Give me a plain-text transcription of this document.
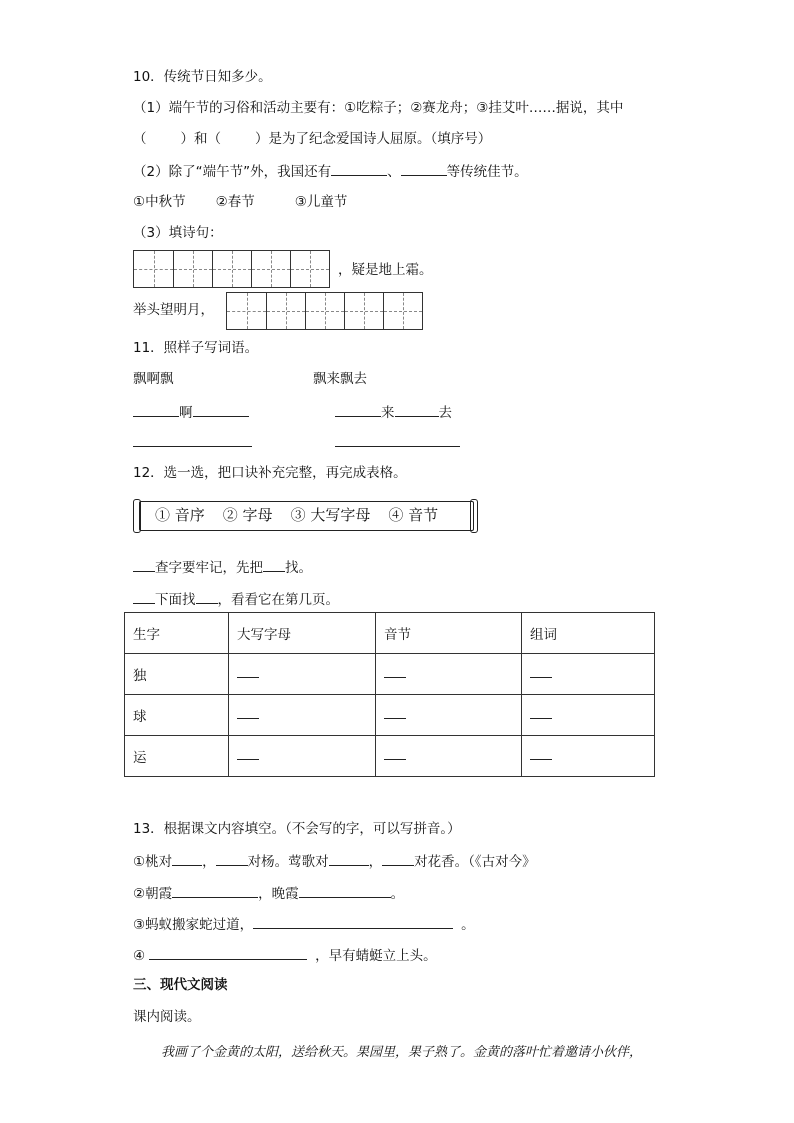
10．传统节日知多少。
（1）端午节的习俗和活动主要有：①吃粽子；②赛龙舟；③挂艾叶……据说，其中
（	）和（	）是为了纪念爱国诗人屈原。（填序号）
（2）除了“端午节”外，我国还有	、	等传统佳节。
①中秋节 ②春节	③儿童节
（3）填诗句：
，疑是地上霜。
举头望明月，
11．照样子写词语。
飘啊飘	飘来飘去
啊	来	去
12．选一选，把口诀补充完整，再完成表格。
① 音序 ② 字母 ③ 大写字母 ④ 音节
查字要牢记，先把 找。
下面找 ，看看它在第几页。
生字	大写字母	音节	组词
独			
球			
运			
13．根据课文内容填空。（不会写的字，可以写拼音。）
①桃对 ， 对杨。莺歌对	， 对花香。（《古对今》
②朝霞	，晚霞	。
③蚂蚁搬家蛇过道，	。
④	，早有蜻蜓立上头。
三、现代文阅读
课内阅读。
我画了个金黄的太阳，送给秋天。果园里，果子熟了。金黄的落叶忙着邀请小伙伴，
